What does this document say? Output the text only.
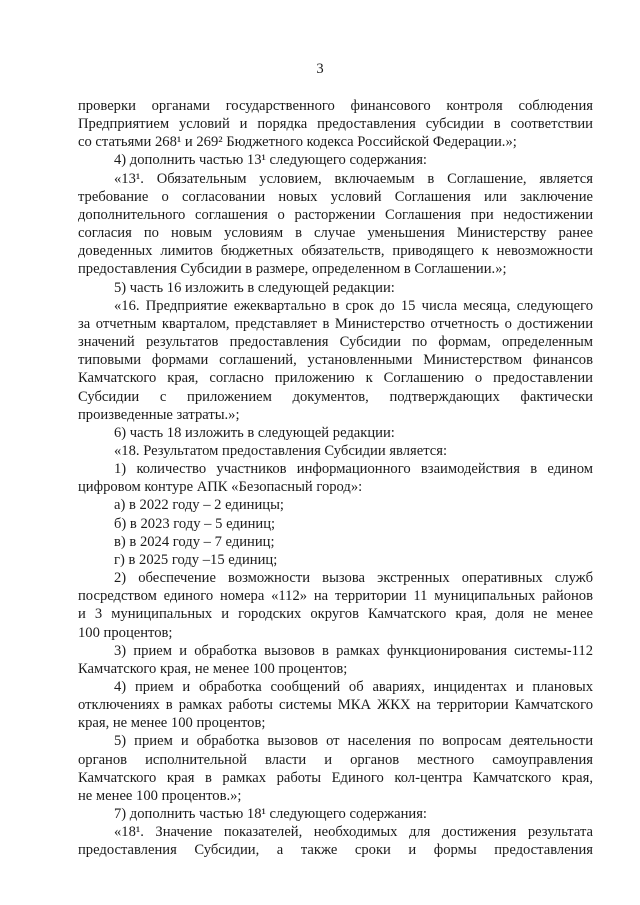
3
проверки органами государственного финансового контроля соблюдения
Предприятием условий и порядка предоставления субсидии в соответствии
со статьями 268¹ и 269² Бюджетного кодекса Российской Федерации.»;
4) дополнить частью 13¹ следующего содержания:
«13¹. Обязательным условием, включаемым в Соглашение, является
требование о согласовании новых условий Соглашения или заключение
дополнительного соглашения о расторжении Соглашения при недостижении
согласия по новым условиям в случае уменьшения Министерству ранее
доведенных лимитов бюджетных обязательств, приводящего к невозможности
предоставления Субсидии в размере, определенном в Соглашении.»;
5) часть 16 изложить в следующей редакции:
«16. Предприятие ежеквартально в срок до 15 числа месяца, следующего
за отчетным кварталом, представляет в Министерство отчетность о достижении
значений результатов предоставления Субсидии по формам, определенным
типовыми формами соглашений, установленными Министерством финансов
Камчатского края, согласно приложению к Соглашению о предоставлении
Субсидии с приложением документов, подтверждающих фактически
произведенные затраты.»;
6) часть 18 изложить в следующей редакции:
«18. Результатом предоставления Субсидии является:
1) количество участников информационного взаимодействия в едином
цифровом контуре АПК «Безопасный город»:
а) в 2022 году – 2 единицы;
б) в 2023 году – 5 единиц;
в) в 2024 году – 7 единиц;
г) в 2025 году –15 единиц;
2) обеспечение возможности вызова экстренных оперативных служб
посредством единого номера «112» на территории 11 муниципальных районов
и 3 муниципальных и городских округов Камчатского края, доля не менее
100 процентов;
3) прием и обработка вызовов в рамках функционирования системы-112
Камчатского края, не менее 100 процентов;
4) прием и обработка сообщений об авариях, инцидентах и плановых
отключениях в рамках работы системы МКА ЖКХ на территории Камчатского
края, не менее 100 процентов;
5) прием и обработка вызовов от населения по вопросам деятельности
органов исполнительной власти и органов местного самоуправления
Камчатского края в рамках работы Единого кол-центра Камчатского края,
не менее 100 процентов.»;
7) дополнить частью 18¹ следующего содержания:
«18¹. Значение показателей, необходимых для достижения результата
предоставления Субсидии, а также сроки и формы предоставления
